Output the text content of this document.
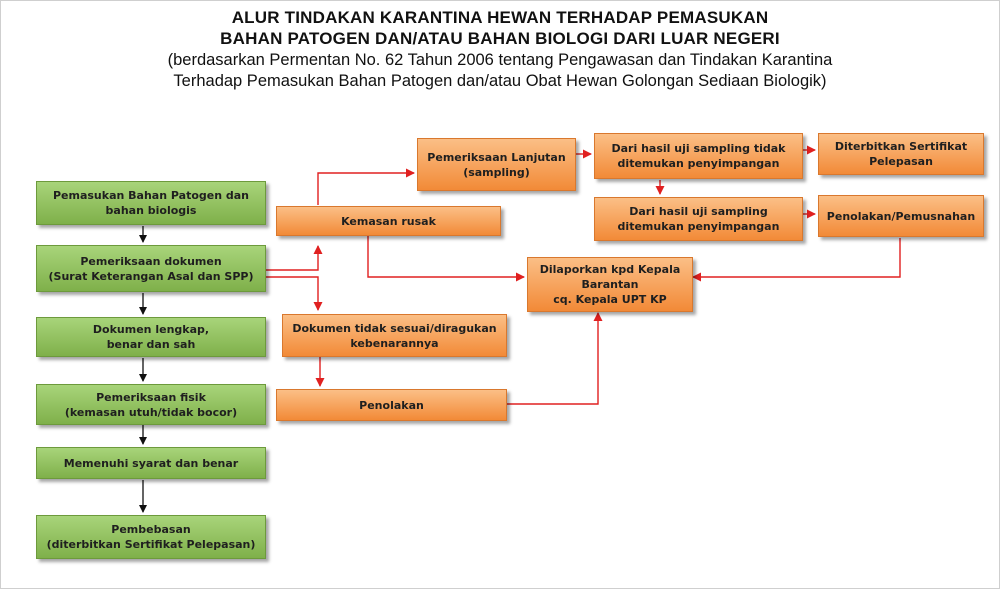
ALUR TINDAKAN KARANTINA HEWAN TERHADAP PEMASUKAN
BAHAN PATOGEN DAN/ATAU BAHAN BIOLOGI DARI LUAR NEGERI
(berdasarkan Permentan No. 62 Tahun 2006 tentang Pengawasan dan Tindakan Karantina
Terhadap Pemasukan Bahan Patogen dan/atau Obat Hewan Golongan Sediaan Biologik)
Pemasukan Bahan Patogen dan
bahan biologis
Pemeriksaan dokumen
(Surat Keterangan Asal dan SPP)
Dokumen lengkap,
benar dan sah
Pemeriksaan fisik
(kemasan utuh/tidak bocor)
Memenuhi syarat dan benar
Pembebasan
(diterbitkan Sertifikat Pelepasan)
Kemasan rusak
Pemeriksaan Lanjutan
(sampling)
Dari hasil uji sampling tidak
ditemukan penyimpangan
Diterbitkan Sertifikat
Pelepasan
Dari hasil uji sampling
ditemukan penyimpangan
Penolakan/Pemusnahan
Dilaporkan kpd Kepala
Barantan
cq. Kepala UPT KP
Dokumen tidak sesuai/diragukan
kebenarannya
Penolakan
